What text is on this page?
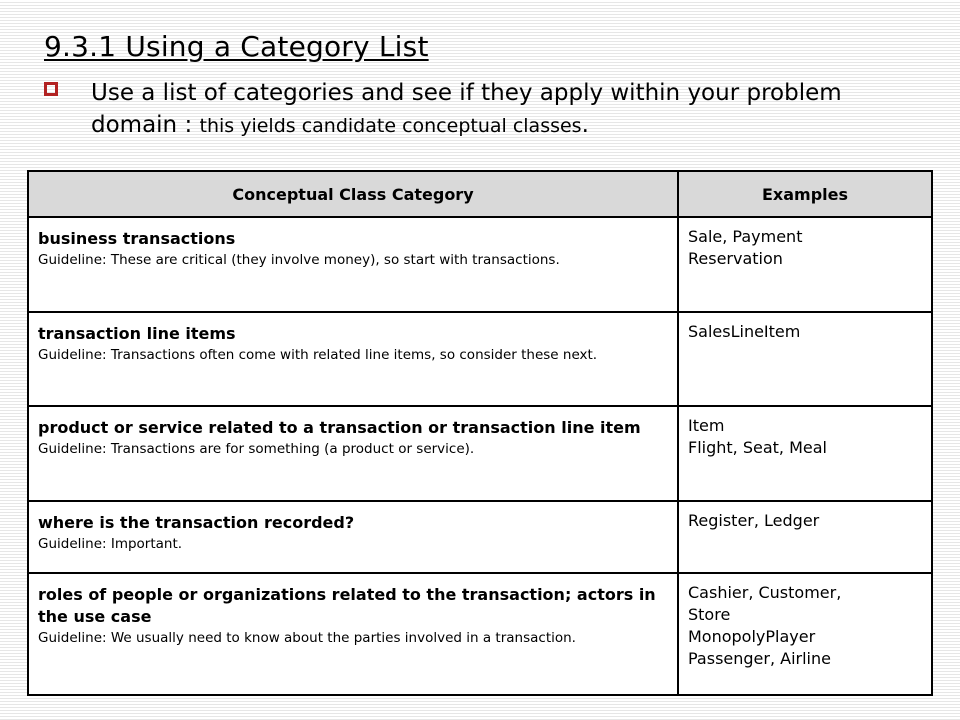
9.3.1 Using a Category List
Use a list of categories and see if they apply within your problem domain : this yields candidate conceptual classes.
Conceptual Class Category	Examples

business transactions
Guideline: These are critical (they involve money), so start with transactions.	Sale, Payment
Reservation

transaction line items
Guideline: Transactions often come with related line items, so consider these next.	SalesLineItem

product or service related to a transaction or transaction line item
Guideline: Transactions are for something (a product or service).	Item
Flight, Seat, Meal

where is the transaction recorded?
Guideline: Important.	Register, Ledger

roles of people or organizations related to the transaction; actors in the use case
Guideline: We usually need to know about the parties involved in a transaction.	Cashier, Customer,
Store
MonopolyPlayer
Passenger, Airline
